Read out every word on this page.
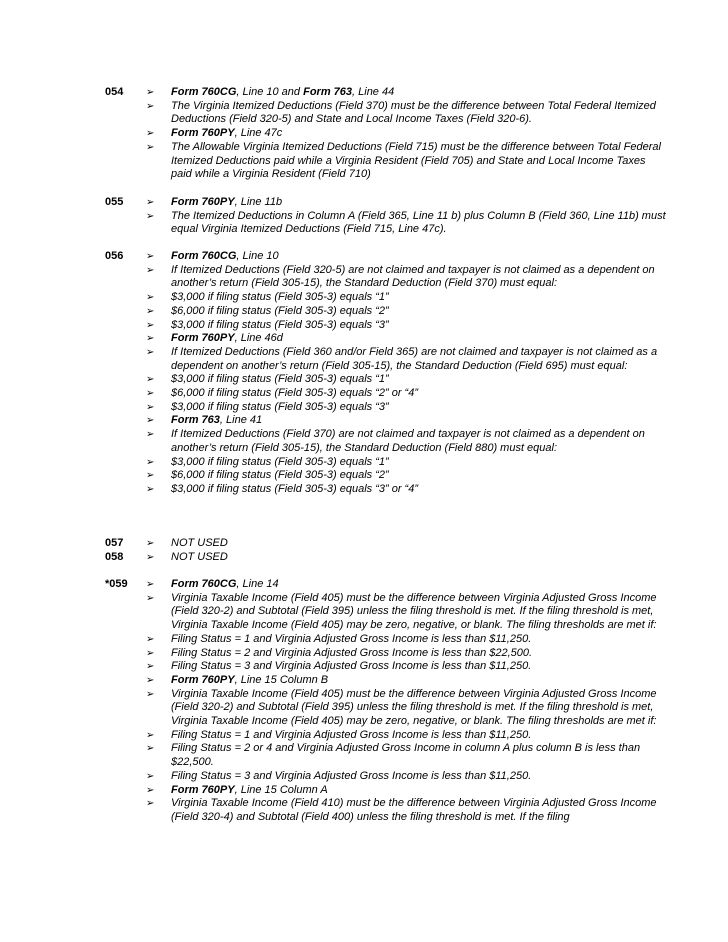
054	➢ Form 760CG, Line 10 and Form 763, Line 44
➢ The Virginia Itemized Deductions (Field 370) must be the difference between Total Federal Itemized Deductions (Field 320-5) and State and Local Income Taxes (Field 320-6).
➢ Form 760PY, Line 47c
➢ The Allowable Virginia Itemized Deductions (Field 715) must be the difference between Total Federal Itemized Deductions paid while a Virginia Resident (Field 705) and State and Local Income Taxes paid while a Virginia Resident (Field 710)
055	➢ Form 760PY, Line 11b
➢ The Itemized Deductions in Column A (Field 365, Line 11 b) plus Column B (Field 360, Line 11b) must equal Virginia Itemized Deductions (Field 715, Line 47c).
056	➢ Form 760CG, Line 10
➢ If Itemized Deductions (Field 320-5) are not claimed and taxpayer is not claimed as a dependent on another’s return (Field 305-15), the Standard Deduction (Field 370) must equal:
➢ $3,000 if filing status (Field 305-3) equals “1”
➢ $6,000 if filing status (Field 305-3) equals “2”
➢ $3,000 if filing status (Field 305-3) equals “3”
➢ Form 760PY, Line 46d
➢ If Itemized Deductions (Field 360 and/or Field 365) are not claimed and taxpayer is not claimed as a dependent on another’s return (Field 305-15), the Standard Deduction (Field 695) must equal:
➢ $3,000 if filing status (Field 305-3) equals “1”
➢ $6,000 if filing status (Field 305-3) equals “2” or “4”
➢ $3,000 if filing status (Field 305-3) equals “3”
➢ Form 763, Line 41
➢ If Itemized Deductions (Field 370) are not claimed and taxpayer is not claimed as a dependent on another’s return (Field 305-15), the Standard Deduction (Field 880) must equal:
➢ $3,000 if filing status (Field 305-3) equals “1”
➢ $6,000 if filing status (Field 305-3) equals “2”
➢ $3,000 if filing status (Field 305-3) equals “3” or “4”
057	➢ NOT USED
058	➢ NOT USED
*059	➢ Form 760CG, Line 14
➢ Virginia Taxable Income (Field 405) must be the difference between Virginia Adjusted Gross Income (Field 320-2) and Subtotal (Field 395) unless the filing threshold is met. If the filing threshold is met, Virginia Taxable Income (Field 405) may be zero, negative, or blank. The filing thresholds are met if:
➢ Filing Status = 1 and Virginia Adjusted Gross Income is less than $11,250.
➢ Filing Status = 2 and Virginia Adjusted Gross Income is less than $22,500.
➢ Filing Status = 3 and Virginia Adjusted Gross Income is less than $11,250.
➢ Form 760PY, Line 15 Column B
➢ Virginia Taxable Income (Field 405) must be the difference between Virginia Adjusted Gross Income (Field 320-2) and Subtotal (Field 395) unless the filing threshold is met. If the filing threshold is met, Virginia Taxable Income (Field 405) may be zero, negative, or blank. The filing thresholds are met if:
➢ Filing Status = 1 and Virginia Adjusted Gross Income is less than $11,250.
➢ Filing Status = 2 or 4 and Virginia Adjusted Gross Income in column A plus column B is less than $22,500.
➢ Filing Status = 3 and Virginia Adjusted Gross Income is less than $11,250.
➢ Form 760PY, Line 15 Column A
➢ Virginia Taxable Income (Field 410) must be the difference between Virginia Adjusted Gross Income (Field 320-4) and Subtotal (Field 400) unless the filing threshold is met. If the filing
